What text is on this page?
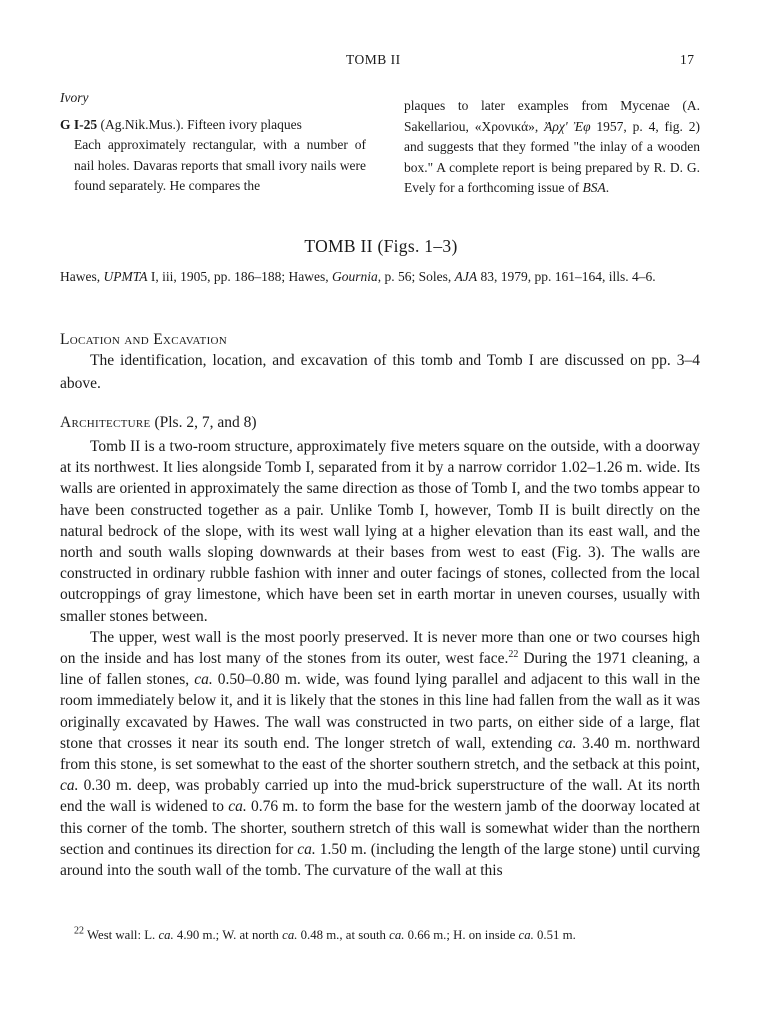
TOMB II	17
Ivory
G I-25 (Ag.Nik.Mus.). Fifteen ivory plaques
Each approximately rectangular, with a number of nail holes. Davaras reports that small ivory nails were found separately. He compares the
plaques to later examples from Mycenae (A. Sakellariou, «Χρονικά», Ἀρχ' Ἐφ 1957, p. 4, fig. 2) and suggests that they formed "the inlay of a wooden box." A complete report is being prepared by R. D. G. Evely for a forthcoming issue of BSA.
TOMB II (Figs. 1–3)
Hawes, UPMTA I, iii, 1905, pp. 186–188; Hawes, Gournia, p. 56; Soles, AJA 83, 1979, pp. 161–164, ills. 4–6.
Location and Excavation
The identification, location, and excavation of this tomb and Tomb I are discussed on pp. 3–4 above.
Architecture (Pls. 2, 7, and 8)

Tomb II is a two-room structure, approximately five meters square on the outside, with a doorway at its northwest. It lies alongside Tomb I, separated from it by a narrow corridor 1.02–1.26 m. wide. Its walls are oriented in approximately the same direction as those of Tomb I, and the two tombs appear to have been constructed together as a pair. Unlike Tomb I, however, Tomb II is built directly on the natural bedrock of the slope, with its west wall lying at a higher elevation than its east wall, and the north and south walls sloping downwards at their bases from west to east (Fig. 3). The walls are constructed in ordinary rubble fashion with inner and outer facings of stones, collected from the local outcroppings of gray limestone, which have been set in earth mortar in uneven courses, usually with smaller stones between.

The upper, west wall is the most poorly preserved. It is never more than one or two courses high on the inside and has lost many of the stones from its outer, west face.$^{22}$ During the 1971 cleaning, a line of fallen stones, ca. 0.50–0.80 m. wide, was found lying parallel and adjacent to this wall in the room immediately below it, and it is likely that the stones in this line had fallen from the wall as it was originally excavated by Hawes. The wall was constructed in two parts, on either side of a large, flat stone that crosses it near its south end. The longer stretch of wall, extending ca. 3.40 m. northward from this stone, is set somewhat to the east of the shorter southern stretch, and the setback at this point, ca. 0.30 m. deep, was probably carried up into the mud-brick superstructure of the wall. At its north end the wall is widened to ca. 0.76 m. to form the base for the western jamb of the doorway located at this corner of the tomb. The shorter, southern stretch of this wall is somewhat wider than the northern section and continues its direction for ca. 1.50 m. (including the length of the large stone) until curving around into the south wall of the tomb. The curvature of the wall at this

$^{22}$ West wall: L. ca. 4.90 m.; W. at north ca. 0.48 m., at south ca. 0.66 m.; H. on inside ca. 0.51 m.
